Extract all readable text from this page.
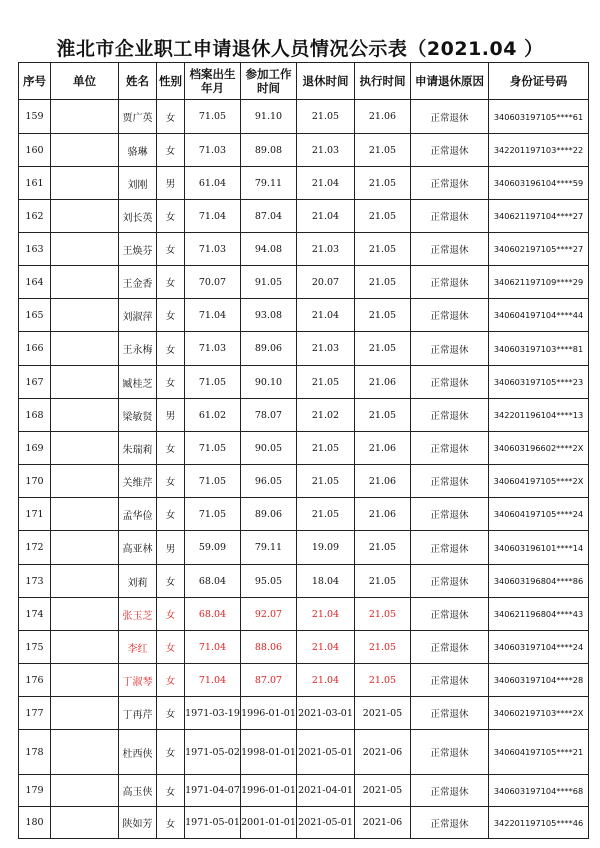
淮北市企业职工申请退休人员情况公示表（2021.04 ）
序号	单位	姓名	性别	档案出生年月	参加工作时间	退休时间	执行时间	申请退休原因	身份证号码
159		贾广英	女	71.05	91.10	21.05	21.06	正常退休	340603197105****61
160		骆琳	女	71.03	89.08	21.03	21.05	正常退休	342201197103****22
161		刘刚	男	61.04	79.11	21.04	21.05	正常退休	340603196104****59
162		刘长英	女	71.04	87.04	21.04	21.05	正常退休	340621197104****27
163		王焕芬	女	71.03	94.08	21.03	21.05	正常退休	340602197105****27
164		王金香	女	70.07	91.05	20.07	21.05	正常退休	340621197109****29
165		刘淑萍	女	71.04	93.08	21.04	21.05	正常退休	340604197104****44
166		王永梅	女	71.03	89.06	21.03	21.05	正常退休	340603197103****81
167		臧桂芝	女	71.05	90.10	21.05	21.06	正常退休	340603197105****23
168		梁敏贤	男	61.02	78.07	21.02	21.05	正常退休	342201196104****13
169		朱瑞莉	女	71.05	90.05	21.05	21.06	正常退休	340603196602****2X
170		关维芹	女	71.05	96.05	21.05	21.06	正常退休	340604197105****2X
171		孟华俭	女	71.05	89.06	21.05	21.06	正常退休	340604197105****24
172		高亚林	男	59.09	79.11	19.09	21.05	正常退休	340603196101****14
173		刘莉	女	68.04	95.05	18.04	21.05	正常退休	340603196804****86
174		张玉芝	女	68.04	92.07	21.04	21.05	正常退休	340621196804****43
175		李红	女	71.04	88.06	21.04	21.05	正常退休	340603197104****24
176		丁淑琴	女	71.04	87.07	21.04	21.05	正常退休	340603197104****28
177		丁再芹	女	1971-03-19	1996-01-01	2021-03-01	2021-05	正常退休	340602197103****2X
178		杜西侠	女	1971-05-02	1998-01-01	2021-05-01	2021-06	正常退休	340604197105****21
179		高玉侠	女	1971-04-07	1996-01-01	2021-04-01	2021-05	正常退休	340603197104****68
180		陕如芳	女	1971-05-01	2001-01-01	2021-05-01	2021-06	正常退休	342201197105****46
